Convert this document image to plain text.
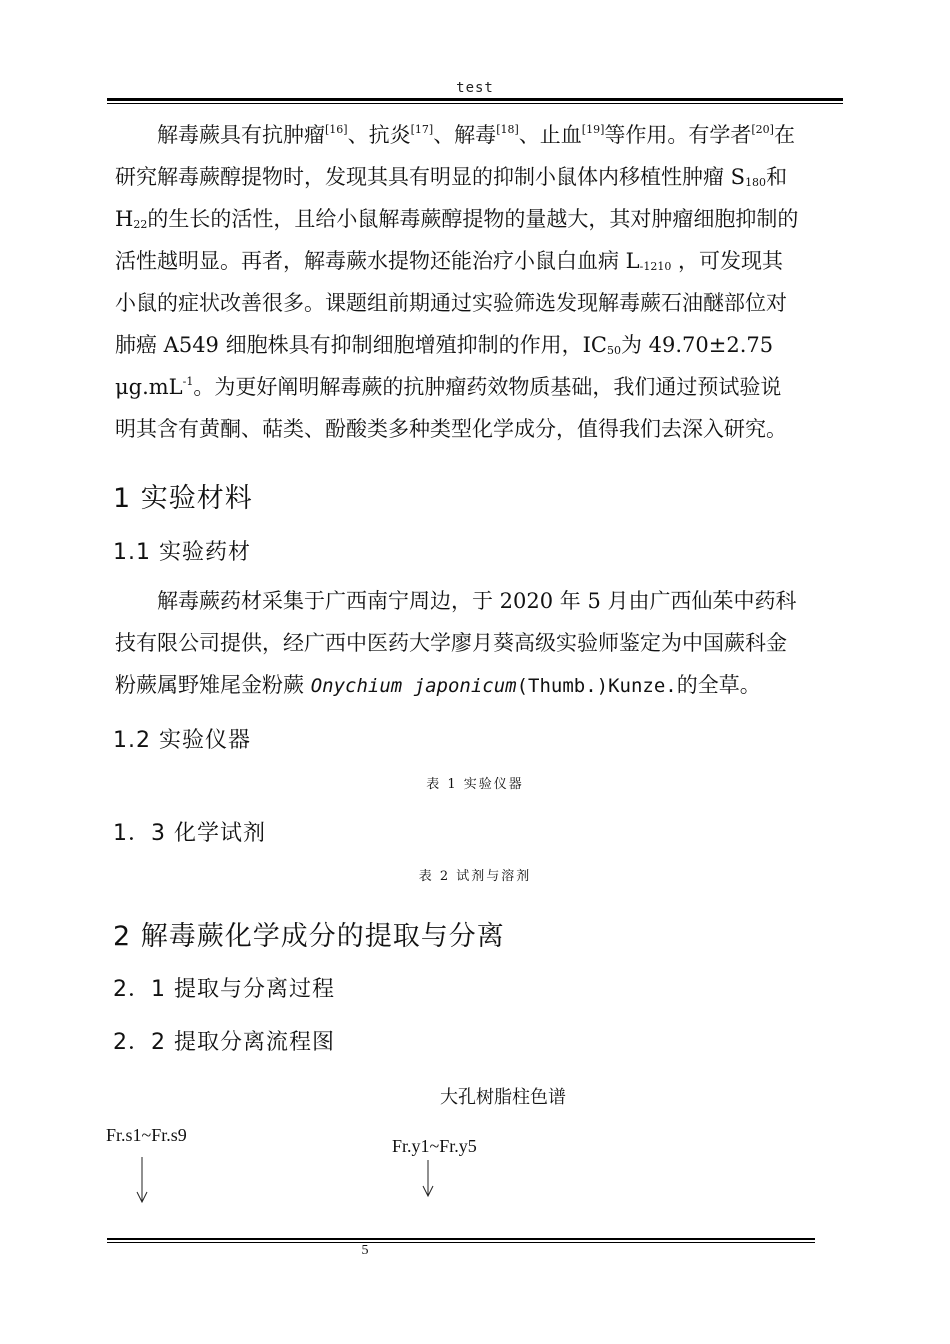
test

解毒蕨具有抗肿瘤[16]、抗炎[17]、解毒[18]、止血[19]等作用。有学者[20]在

研究解毒蕨醇提物时，发现其具有明显的抑制小鼠体内移植性肿瘤 $S_{180}$和

$H_{22}$的生长的活性，且给小鼠解毒蕨醇提物的量越大，其对肿瘤细胞抑制的

活性越明显。再者，解毒蕨水提物还能治疗小鼠白血病 $L_{-1210}$ ，可发现其

小鼠的症状改善很多。课题组前期通过实验筛选发现解毒蕨石油醚部位对

肺癌 A549 细胞株具有抑制细胞增殖抑制的作用，$IC_{50}$为 49.70±2.75

$\mu g.mL^{-1}$。为更好阐明解毒蕨的抗肿瘤药效物质基础，我们通过预试验说

明其含有黄酮、萜类、酚酸类多种类型化学成分，值得我们去深入研究。

1 实验材料
1.1 实验药材

解毒蕨药材采集于广西南宁周边，于 2020 年 5 月由广西仙茱中药科

技有限公司提供，经广西中医药大学廖月葵高级实验师鉴定为中国蕨科金

粉蕨属野雉尾金粉蕨 Onychium japonicum(Thumb.)Kunze.的全草。

1.2 实验仪器
表 1 实验仪器
1．3 化学试剂
表 2 试剂与溶剂
2 解毒蕨化学成分的提取与分离
2．1 提取与分离过程
2．2 提取分离流程图
大孔树脂柱色谱
Fr.s1~Fr.s9
Fr.y1~Fr.y5
5
